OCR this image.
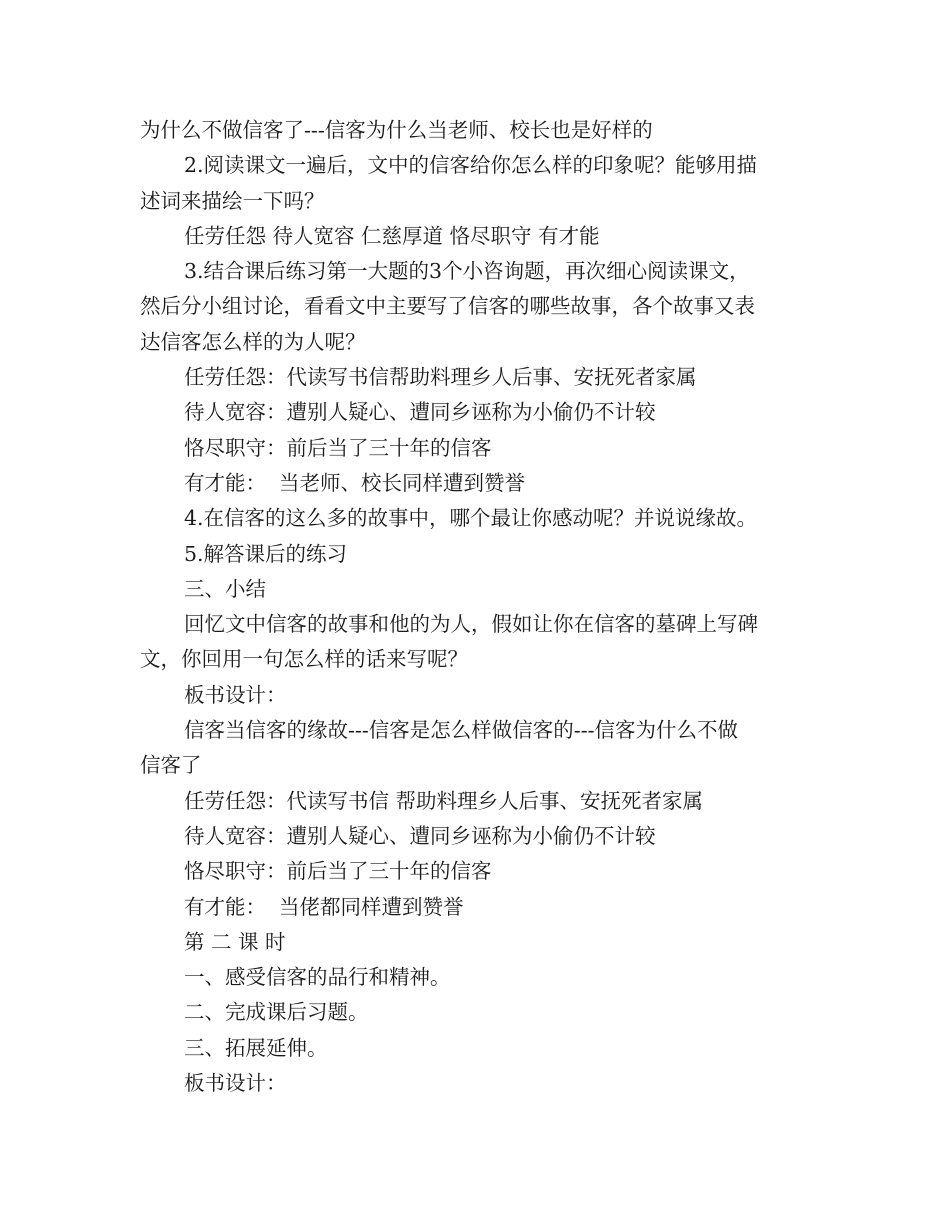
为什么不做信客了---信客为什么当老师、校长也是好样的
2.阅读课文一遍后，文中的信客给你怎么样的印象呢？能够用描
述词来描绘一下吗？
任劳任怨 待人宽容 仁慈厚道 恪尽职守 有才能
3.结合课后练习第一大题的3个小咨询题，再次细心阅读课文，
然后分小组讨论，看看文中主要写了信客的哪些故事，各个故事又表
达信客怎么样的为人呢？
任劳任怨：代读写书信帮助料理乡人后事、安抚死者家属
待人宽容：遭别人疑心、遭同乡诬称为小偷仍不计较
恪尽职守：前后当了三十年的信客
有才能：  当老师、校长同样遭到赞誉
4.在信客的这么多的故事中，哪个最让你感动呢？并说说缘故。
5.解答课后的练习
三、小结
回忆文中信客的故事和他的为人，假如让你在信客的墓碑上写碑
文，你回用一句怎么样的话来写呢？
板书设计：
信客当信客的缘故---信客是怎么样做信客的---信客为什么不做
信客了
任劳任怨：代读写书信 帮助料理乡人后事、安抚死者家属
待人宽容：遭别人疑心、遭同乡诬称为小偷仍不计较
恪尽职守：前后当了三十年的信客
有才能：  当佬都同样遭到赞誉
第 二 课 时
一、感受信客的品行和精神。
二、完成课后习题。
三、拓展延伸。
板书设计：
